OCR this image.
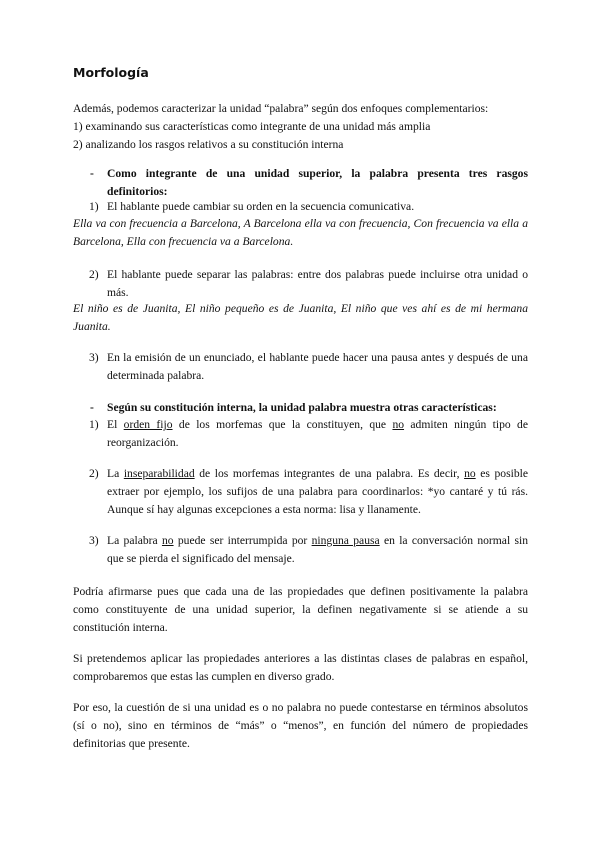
Morfología

Además, podemos caracterizar la unidad “palabra” según dos enfoques complementarios:

1) examinando sus características como integrante de una unidad más amplia

2) analizando los rasgos relativos a su constitución interna

- Como integrante de una unidad superior, la palabra presenta tres rasgos definitorios:
1) El hablante puede cambiar su orden en la secuencia comunicativa.

Ella va con frecuencia a Barcelona, A Barcelona ella va con frecuencia, Con frecuencia va ella a Barcelona, Ella con frecuencia va a Barcelona.

2) El hablante puede separar las palabras: entre dos palabras puede incluirse otra unidad o más.

El niño es de Juanita, El niño pequeño es de Juanita, El niño que ves ahí es de mi hermana Juanita.

3) En la emisión de un enunciado, el hablante puede hacer una pausa antes y después de una determinada palabra.
- Según su constitución interna, la unidad palabra muestra otras características:
1) El orden fijo de los morfemas que la constituyen, que no admiten ningún tipo de reorganización.
2) La inseparabilidad de los morfemas integrantes de una palabra. Es decir, no es posible extraer por ejemplo, los sufijos de una palabra para coordinarlos: *yo cantaré y tú rás. Aunque sí hay algunas excepciones a esta norma: lisa y llanamente.
3) La palabra no puede ser interrumpida por ninguna pausa en la conversación normal sin que se pierda el significado del mensaje.

Podría afirmarse pues que cada una de las propiedades que definen positivamente la palabra como constituyente de una unidad superior, la definen negativamente si se atiende a su constitución interna.

Si pretendemos aplicar las propiedades anteriores a las distintas clases de palabras en español, comprobaremos que estas las cumplen en diverso grado.

Por eso, la cuestión de si una unidad es o no palabra no puede contestarse en términos absolutos (sí o no), sino en términos de “más” o “menos”, en función del número de propiedades definitorias que presente.
